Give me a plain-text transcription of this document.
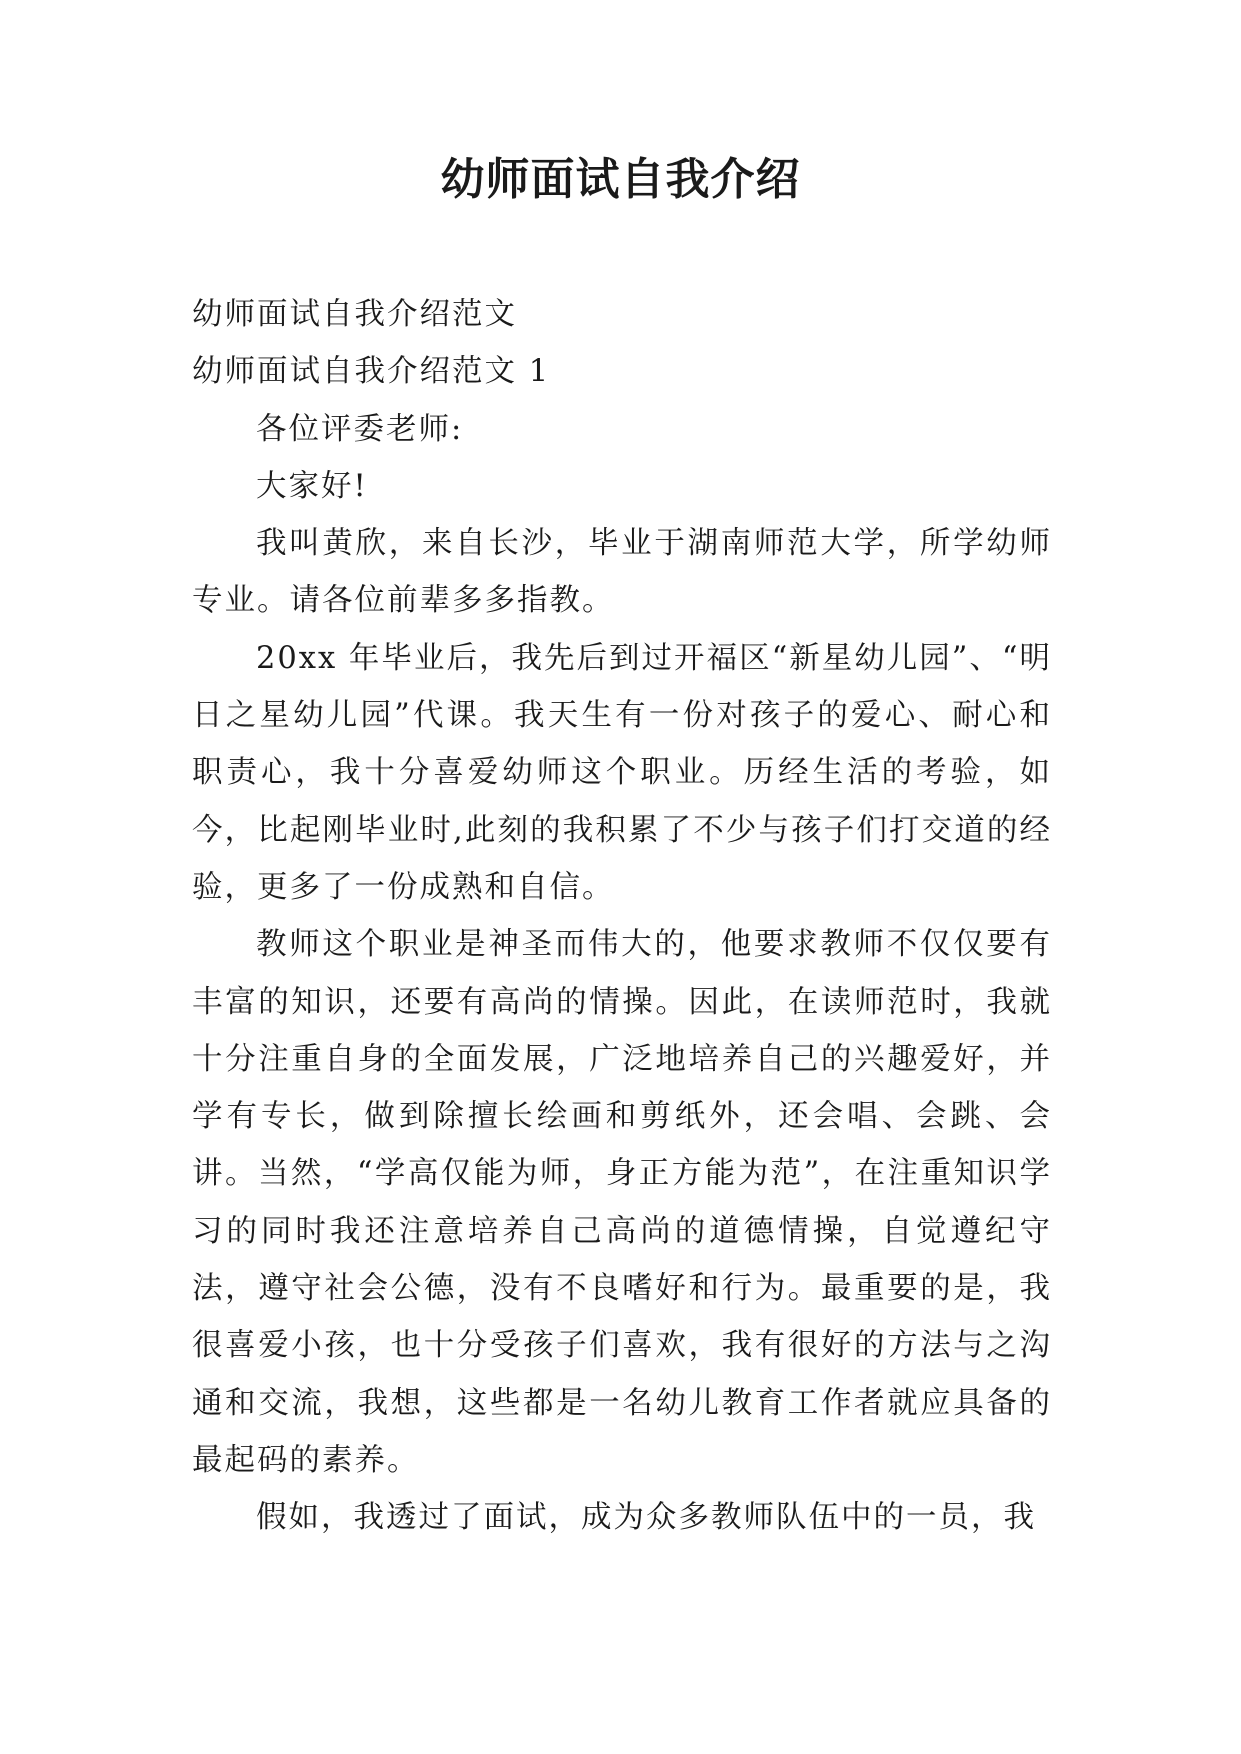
幼师面试自我介绍

幼师面试自我介绍范文

幼师面试自我介绍范文 1

各位评委老师:

大家好!

我叫黄欣，来自长沙，毕业于湖南师范大学，所学幼师专业。请各位前辈多多指教。

20xx 年毕业后，我先后到过开福区“新星幼儿园”、“明日之星幼儿园”代课。我天生有一份对孩子的爱心、耐心和职责心，我十分喜爱幼师这个职业。历经生活的考验，如今，比起刚毕业时,此刻的我积累了不少与孩子们打交道的经验，更多了一份成熟和自信。

教师这个职业是神圣而伟大的，他要求教师不仅仅要有丰富的知识，还要有高尚的情操。因此，在读师范时，我就十分注重自身的全面发展，广泛地培养自己的兴趣爱好，并学有专长，做到除擅长绘画和剪纸外，还会唱、会跳、会讲。当然，“学高仅能为师，身正方能为范”，在注重知识学习的同时我还注意培养自己高尚的道德情操，自觉遵纪守法，遵守社会公德，没有不良嗜好和行为。最重要的是，我很喜爱小孩，也十分受孩子们喜欢，我有很好的方法与之沟通和交流，我想，这些都是一名幼儿教育工作者就应具备的最起码的素养。

假如，我透过了面试，成为众多教师队伍中的一员，我
